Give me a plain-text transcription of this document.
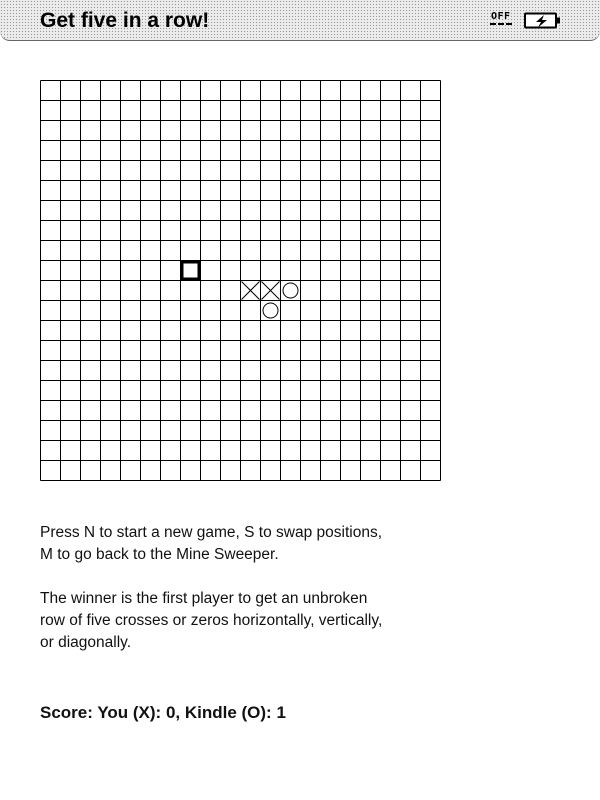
Get five in a row!	OFF

Press N to start a new game, S to swap positions,
M to go back to the Mine Sweeper.

The winner is the first player to get an unbroken
row of five crosses or zeros horizontally, vertically,
or diagonally.

Score: You (X): 0, Kindle (O): 1
